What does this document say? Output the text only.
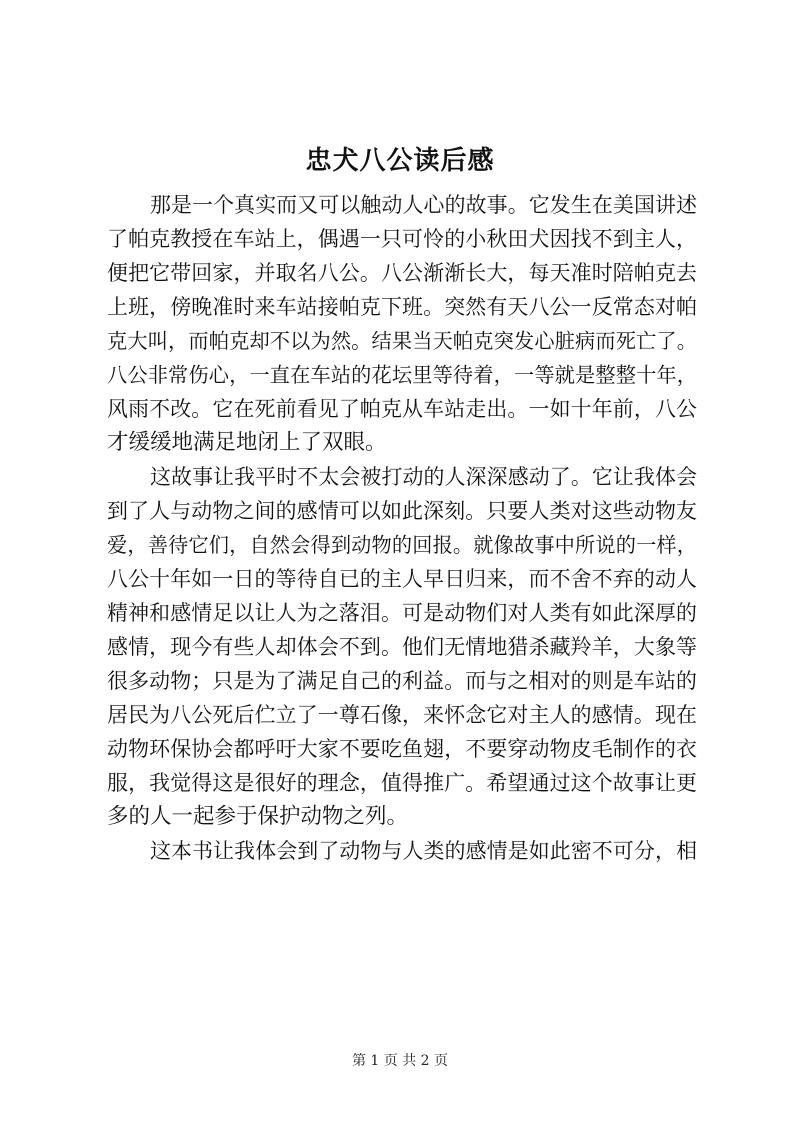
忠犬八公读后感
那是一个真实而又可以触动人心的故事。它发生在美国讲述
了帕克教授在车站上，偶遇一只可怜的小秋田犬因找不到主人，
便把它带回家，并取名八公。八公渐渐长大，每天准时陪帕克去
上班，傍晚准时来车站接帕克下班。突然有天八公一反常态对帕
克大叫，而帕克却不以为然。结果当天帕克突发心脏病而死亡了。
八公非常伤心，一直在车站的花坛里等待着，一等就是整整十年，
风雨不改。它在死前看见了帕克从车站走出。一如十年前，八公
才缓缓地满足地闭上了双眼。
这故事让我平时不太会被打动的人深深感动了。它让我体会
到了人与动物之间的感情可以如此深刻。只要人类对这些动物友
爱，善待它们，自然会得到动物的回报。就像故事中所说的一样，
八公十年如一日的等待自已的主人早日归来，而不舍不弃的动人
精神和感情足以让人为之落泪。可是动物们对人类有如此深厚的
感情，现今有些人却体会不到。他们无情地猎杀藏羚羊，大象等
很多动物；只是为了满足自己的利益。而与之相对的则是车站的
居民为八公死后伫立了一尊石像，来怀念它对主人的感情。现在
动物环保协会都呼吁大家不要吃鱼翅，不要穿动物皮毛制作的衣
服，我觉得这是很好的理念，值得推广。希望通过这个故事让更
多的人一起参于保护动物之列。
这本书让我体会到了动物与人类的感情是如此密不可分，相
第 1 页 共 2 页
